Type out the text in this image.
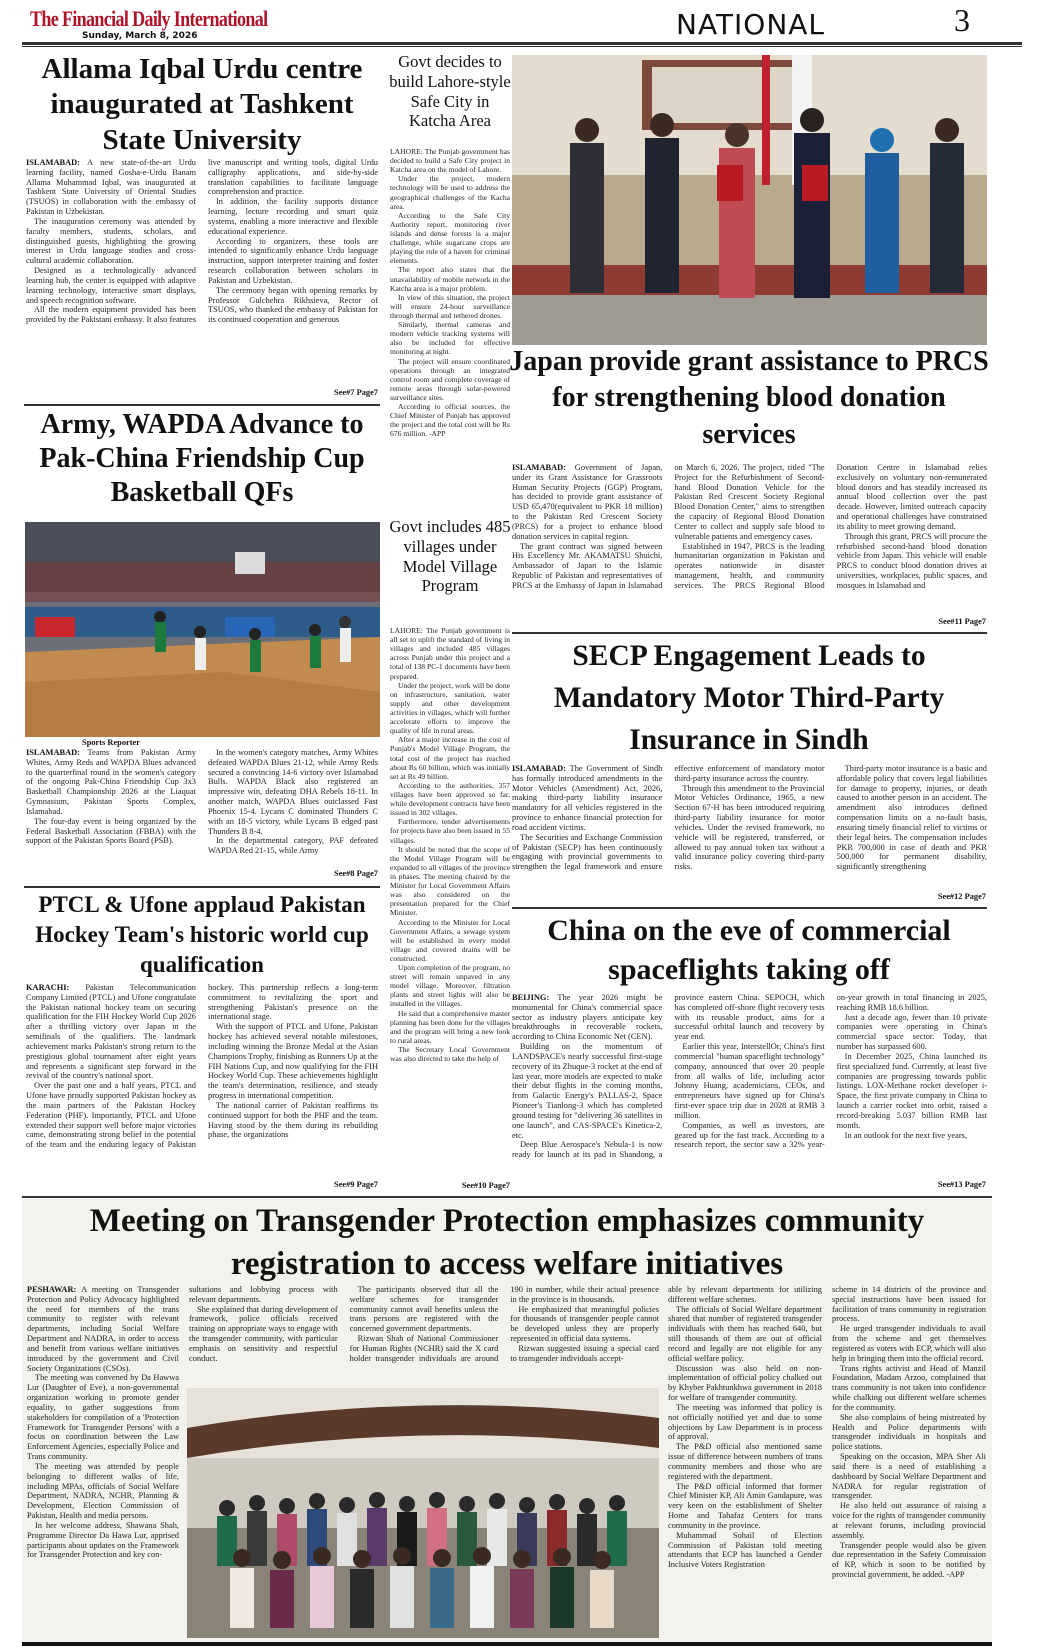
The Financial Daily International
Sunday, March 8, 2026	NATIONAL	3
Allama Iqbal Urdu centre inaugurated at Tashkent State University

ISLAMABAD: A new state-of-the-art Urdu learning facility, named Gosha-e-Urdu Banam Allama Muhammad Iqbal, was inaugurated at Tashkent State University of Oriental Studies (TSUOS) in collaboration with the embassy of Pakistan in Uzbekistan.

The inauguration ceremony was attended by faculty members, students, scholars, and distinguished guests, highlighting the growing interest in Urdu language studies and cross-cultural academic collaboration.

Designed as a technologically advanced learning hub, the center is equipped with adaptive learning technology, interactive smart displays, and speech recognition software.

All the modern equipment provided has been provided by the Pakistani embassy. It also features live manuscript and writing tools, digital Urdu calligraphy applications, and side-by-side translation capabilities to facilitate language comprehension and practice.

In addition, the facility supports distance learning, lecture recording and smart quiz systems, enabling a more interactive and flexible educational experience.

According to organizers, these tools are intended to significantly enhance Urdu language instruction, support interpreter training and foster research collaboration between scholars in Pakistan and Uzbekistan.

The ceremony began with opening remarks by Professor Gulchehra Rikhsieva, Rector of TSUOS, who thanked the embassy of Pakistan for its continued cooperation and generous

See#7 Page7
Army, WAPDA Advance to Pak-China Friendship Cup Basketball QFs
Sports Reporter

ISLAMABAD: Teams from Pakistan Army Whites, Army Reds and WAPDA Blues advanced to the quarterfinal round in the women's category of the ongoing Pak-China Friendship Cup 3x3 Basketball Championship 2026 at the Liaquat Gymnasium, Pakistan Sports Complex, Islamabad.

The four-day event is being organized by the Federal Basketball Association (FBBA) with the support of the Pakistan Sports Board (PSB).

In the women's category matches, Army Whites defeated WAPDA Blues 21-12, while Army Reds secured a convincing 14-6 victory over Islamabad Bulls. WAPDA Black also registered an impressive win, defeating DHA Rebels 18-11. In another match, WAPDA Blues outclassed Fast Phoenix 15-4. Lycans C dominated Thunders C with an 18-5 victory, while Lycans B edged past Thunders B 8-4.

In the departmental category, PAF defeated WAPDA Red 21-15, while Army

See#8 Page7
PTCL & Ufone applaud Pakistan Hockey Team's historic world cup qualification

KARACHI: Pakistan Telecommunication Company Limited (PTCL) and Ufone congratulate the Pakistan national hockey team on securing qualification for the FIH Hockey World Cup 2026 after a thrilling victory over Japan in the semifinals of the qualifiers. The landmark achievement marks Pakistan's strong return to the prestigious global tournament after eight years and represents a significant step forward in the revival of the country's national sport.

Over the past one and a half years, PTCL and Ufone have proudly supported Pakistan hockey as the main partners of the Pakistan Hockey Federation (PHF). Importantly, PTCL and Ufone extended their support well before major victories came, demonstrating strong belief in the potential of the team and the enduring legacy of Pakistan hockey. This partnership reflects a long-term commitment to revitalizing the sport and strengthening Pakistan's presence on the international stage.

With the support of PTCL and Ufone, Pakistan hockey has achieved several notable milestones, including winning the Bronze Medal at the Asian Champions Trophy, finishing as Runners Up at the FIH Nations Cup, and now qualifying for the FIH Hockey World Cup. These achievements highlight the team's determination, resilience, and steady progress in international competition.

The national carrier of Pakistan reaffirms its continued support for both the PHF and the team. Having stood by the them during its rebuilding phase, the organizations

See#9 Page7
Govt decides to build Lahore-style Safe City in Katcha Area

LAHORE: The Punjab government has decided to build a Safe City project in Katcha area on the model of Lahore.

Under the project, modern technology will be used to address the geographical challenges of the Kacha area.

According to the Safe City Authority report, monitoring river islands and dense forests is a major challenge, while sugarcane crops are playing the role of a haven for criminal elements.

The report also states that the unavailability of mobile network in the Katcha area is a major problem.

In view of this situation, the project will ensure 24-hour surveillance through thermal and tethered drones.

Similarly, thermal cameras and modern vehicle tracking systems will also be included for effective monitoring at night.

The project will ensure coordinated operations through an integrated control room and complete coverage of remote areas through solar-powered surveillance sites.

According to official sources, the Chief Minister of Punjab has approved the project and the total cost will be Rs 676 million. -APP

Govt includes 485 villages under Model Village Program

LAHORE: The Punjab government is all set to uplift the standard of living in villages and included 485 villages across Punjab under this project and a total of 138 PC-1 documents have been prepared.

Under the project, work will be done on infrastructure, sanitation, water supply and other development activities in villages, which will further accelerate efforts to improve the quality of life in rural areas.

After a major increase in the cost of Punjab's Model Village Program, the total cost of the project has reached about Rs 60 billion, which was initially set at Rs 49 billion.

According to the authorities, 357 villages have been approved so far, while development contracts have been issued in 302 villages.

Furthermore, tender advertisements for projects have also been issued in 55 villages.

It should be noted that the scope of the Model Village Program will be expanded to all villages of the province in phases. The meeting chaired by the Minister for Local Government Affairs was also considered on the presentation prepared for the Chief Minister.

According to the Minister for Local Government Affairs, a sewage system will be established in every model village and covered drains will be constructed.

Upon completion of the program, no street will remain unpaved in any model village. Moreover, filtration plants and street lights will also be installed in the villages.

He said that a comprehensive master planning has been done for the villages and the program will bring a new look to rural areas.

The Secretary Local Government was also directed to take the help of

See#10 Page7
Japan provide grant assistance to PRCS for strengthening blood donation services

ISLAMABAD: Government of Japan, under its Grant Assistance for Grassroots Human Security Projects (GGP) Program, has decided to provide grant assistance of USD 65,470(equivalent to PKR 18 million) to the Pakistan Red Crescent Society (PRCS) for a project to enhance blood donation services in capital region.

The grant contract was signed between His Excellency Mr. AKAMATSU Shuichi, Ambassador of Japan to the Islamic Republic of Pakistan and representatives of PRCS at the Embassy of Japan in Islamabad on March 6, 2026. The project, titled "The Project for the Refurbishment of Second-hand Blood Donation Vehicle for the Pakistan Red Crescent Society Regional Blood Donation Center," aims to strengthen the capacity of Regional Blood Donation Center to collect and supply safe blood to vulnerable patients and emergency cases.

Established in 1947, PRCS is the leading humanitarian organization in Pakistan and operates nationwide in disaster management, health, and community services. The PRCS Regional Blood Donation Centre in Islamabad relies exclusively on voluntary non-remunerated blood donors and has steadily increased its annual blood collection over the past decade. However, limited outreach capacity and operational challenges have constrained its ability to meet growing demand.

Through this grant, PRCS will procure the refurbished second-hand blood donation vehicle from Japan. This vehicle will enable PRCS to conduct blood donation drives at universities, workplaces, public spaces, and mosques in Islamabad and

See#11 Page7
SECP Engagement Leads to Mandatory Motor Third-Party Insurance in Sindh

ISLAMABAD: The Government of Sindh has formally introduced amendments in the Motor Vehicles (Amendment) Act, 2026, making third-party liability insurance mandatory for all vehicles registered in the province to enhance financial protection for road accident victims.

The Securities and Exchange Commission of Pakistan (SECP) has been continuously engaging with provincial governments to strengthen the legal framework and ensure effective enforcement of mandatory motor third-party insurance across the country.

Through this amendment to the Provincial Motor Vehicles Ordinance, 1965, a new Section 67-H has been introduced requiring third-party liability insurance for motor vehicles. Under the revised framework, no vehicle will be registered, transferred, or allowed to pay annual token tax without a valid insurance policy covering third-party risks.

Third-party motor insurance is a basic and affordable policy that covers legal liabilities for damage to property, injuries, or death caused to another person in an accident. The amendment also introduces defined compensation limits on a no-fault basis, ensuring timely financial relief to victims or their legal heirs. The compensation includes PKR 700,000 in case of death and PKR 500,000 for permanent disability, significantly strengthening

See#12 Page7
China on the eve of commercial spaceflights taking off

BEIJING: The year 2026 might be monumental for China's commercial space sector as industry players anticipate key breakthroughs in recoverable rockets, according to China Economic Net (CEN).

Building on the momentum of LANDSPACE's nearly successful first-stage recovery of its Zhuque-3 rocket at the end of last year, more models are expected to make their debut flights in the coming months, from Galactic Energy's PALLAS-2, Space Pioneer's Tianlong-3 which has completed ground testing for "delivering 36 satellites in one launch", and CAS-SPACE's Kinetica-2, etc.

Deep Blue Aerospace's Nebula-1 is now ready for launch at its pad in Shandong, a province eastern China. SEPOCH, which has completed off-shore flight recovery tests with its reusable product, aims for a successful orbital launch and recovery by year end.

Earlier this year, InterstellOr, China's first commercial "human spaceflight technology" company, announced that over 20 people from all walks of life, including actor Johnny Huang, academicians, CEOs, and entrepreneurs have signed up for China's first-ever space trip due in 2028 at RMB 3 million.

Companies, as well as investors, are geared up for the fast track. According to a research report, the sector saw a 32% year-on-year growth in total financing in 2025, reaching RMB 18.6 billion.

Just a decade ago, fewer than 10 private companies were operating in China's commercial space sector. Today, that number has surpassed 600.

In December 2025, China launched its first specialized fund. Currently, at least five companies are progressing towards public listings. LOX-Methane rocket developer i-Space, the first private company in China to launch a carrier rocket into orbit, raised a record-breaking 5.037 billion RMB last month.

In an outlook for the next five years,

See#13 Page7
Meeting on Transgender Protection emphasizes community registration to access welfare initiatives

PESHAWAR: A meeting on Transgender Protection and Policy Advocacy highlighted the need for members of the trans community to register with relevant departments, including Social Welfare Department and NADRA, in order to access and benefit from various welfare initiatives introduced by the government and Civil Society Organizations (CSOs).

The meeting was convened by Da Hawwa Lur (Daughter of Eve), a non-governmental organization working to promote gender equality, to gather suggestions from stakeholders for compilation of a 'Protection Framework for Transgender Persons' with a focus on coordination between the Law Enforcement Agencies, especially Police and Trans community.

The meeting was attended by people belonging to different walks of life, including MPAs, officials of Social Welfare Department, NADRA, NCHR, Planning & Development, Election Commission of Pakistan, Health and media persons.

In her welcome address, Shawana Shah, Programme Director Da Hawa Lur, apprised participants about updates on the Framework for Transgender Protection and key con-

sultations and lobbying process with relevant departments.

She explained that during development of framework, police officials received training on appropriate ways to engage with the transgender community, with particular emphasis on sensitivity and respectful conduct.

The participants observed that all the welfare schemes for transgender community cannot avail benefits unless the trans persons are registered with the concerned government departments.

Rizwan Shah of National Commissioner for Human Rights (NCHR) said the X card holder transgender individuals are around 190 in number, while their actual presence in the province is in thousands.

He emphasized that meaningful policies for thousands of transgender people cannot be developed unless they are properly represented in official data systems.

Rizwan suggested issuing a special card to transgender individuals accept-

able by relevant departments for utilizing different welfare schemes.

The officials of Social Welfare department shared that number of registered transgender individuals with them has reached 640, but still thousands of them are out of official record and legally are not eligible for any official welfare policy.

Discussion was also held on non-implementation of official policy chalked out by Khyber Pakhtunkhwa government in 2018 for welfare of transgender community.

The meeting was informed that policy is not officially notified yet and due to some objections by Law Department is in process of approval.

The P&D official also mentioned same issue of difference between numbers of trans community members and those who are registered with the department.

The P&D official informed that former Chief Minister KP, Ali Amin Gandapure, was very keen on the establishment of Shelter Home and Tahafaz Centers for trans community in the province.

Muhammad Sohail of Election Commission of Pakistan told meeting attendants that ECP has launched a Gender Inclusive Voters Registration

scheme in 14 districts of the province and special instructions have been issued for facilitation of trans community in registration process.

He urged transgender individuals to avail from the scheme and get themselves registered as voters with ECP, which will also help in bringing them into the official record.

Trans rights activist and Head of Manzil Foundation, Madam Arzoo, complained that trans community is not taken into confidence while chalking out different welfare schemes for the community.

She also complains of being mistreated by Health and Police departments with transgender individuals in hospitals and police stations.

Speaking on the occasion, MPA Sher Ali said there is a need of establishing a dashboard by Social Welfare Department and NADRA for regular registration of transgender.

He also held out assurance of raising a voice for the rights of transgender community at relevant forums, including provincial assembly.

Transgender people would also be given due representation in the Safety Commission of KP, which is soon to be notified by provincial government, he added. -APP
